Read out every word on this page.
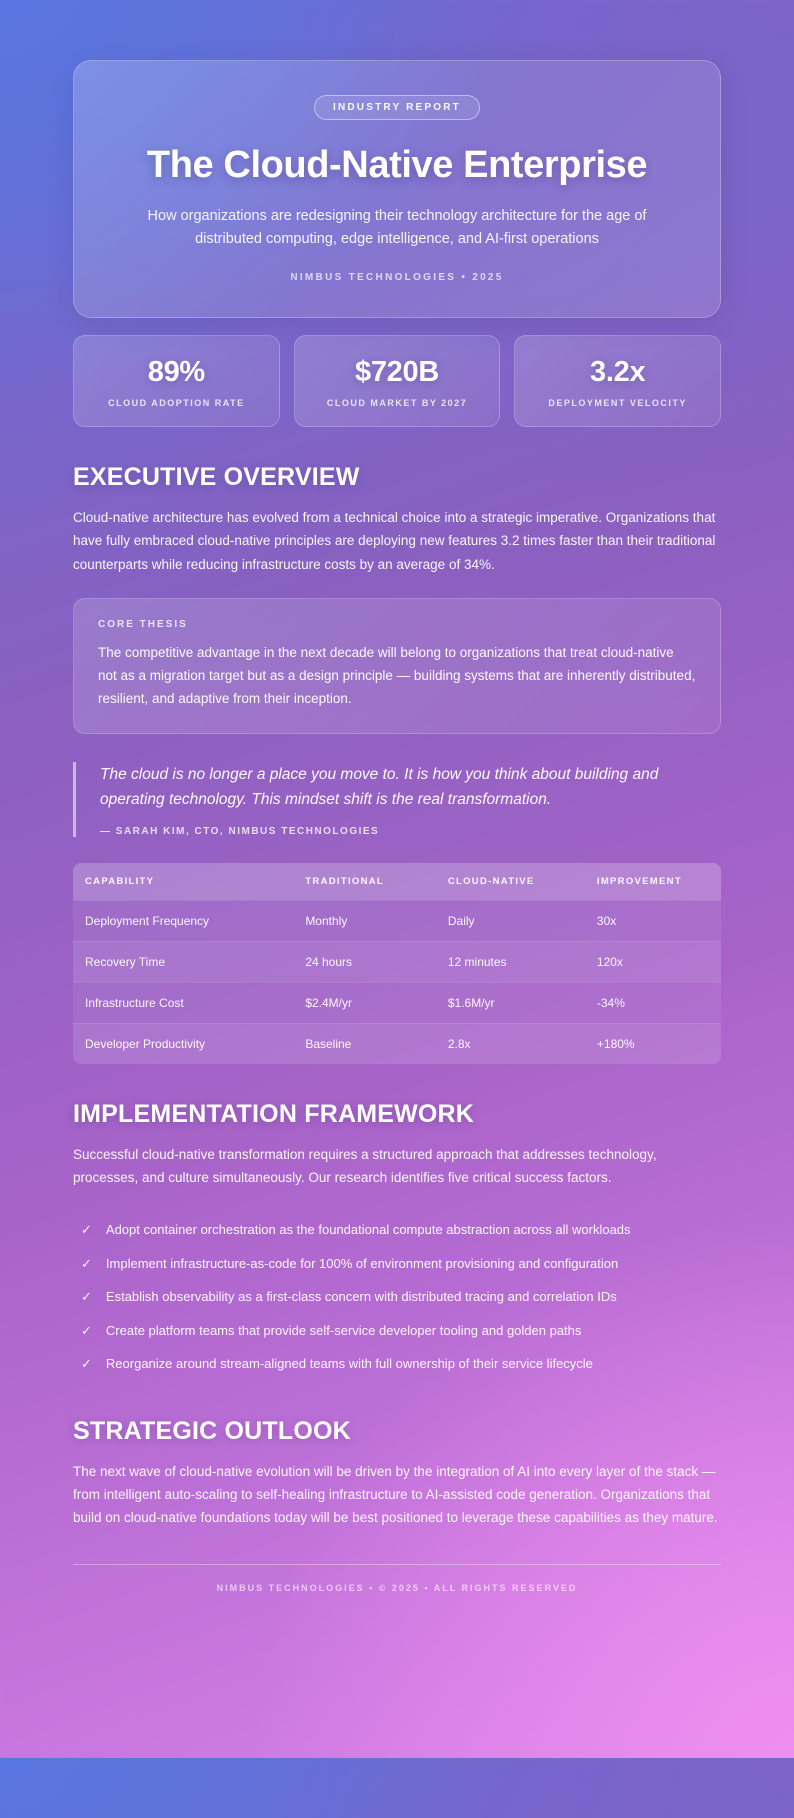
INDUSTRY REPORT
The Cloud-Native Enterprise
How organizations are redesigning their technology architecture for the age of distributed computing, edge intelligence, and AI-first operations
NIMBUS TECHNOLOGIES • 2025
89%
CLOUD ADOPTION RATE
$720B
CLOUD MARKET BY 2027
3.2x
DEPLOYMENT VELOCITY
EXECUTIVE OVERVIEW

Cloud-native architecture has evolved from a technical choice into a strategic imperative. Organizations that have fully embraced cloud-native principles are deploying new features 3.2 times faster than their traditional counterparts while reducing infrastructure costs by an average of 34%.

CORE THESIS

The competitive advantage in the next decade will belong to organizations that treat cloud-native not as a migration target but as a design principle — building systems that are inherently distributed, resilient, and adaptive from their inception.

The cloud is no longer a place you move to. It is how you think about building and operating technology. This mindset shift is the real transformation.
— SARAH KIM, CTO, NIMBUS TECHNOLOGIES
CAPABILITY	TRADITIONAL	CLOUD-NATIVE	IMPROVEMENT
Deployment Frequency	Monthly	Daily	30x
Recovery Time	24 hours	12 minutes	120x
Infrastructure Cost	$2.4M/yr	$1.6M/yr	-34%
Developer Productivity	Baseline	2.8x	+180%
IMPLEMENTATION FRAMEWORK

Successful cloud-native transformation requires a structured approach that addresses technology, processes, and culture simultaneously. Our research identifies five critical success factors.

✓ Adopt container orchestration as the foundational compute abstraction across all workloads
✓ Implement infrastructure-as-code for 100% of environment provisioning and configuration
✓ Establish observability as a first-class concern with distributed tracing and correlation IDs
✓ Create platform teams that provide self-service developer tooling and golden paths
✓ Reorganize around stream-aligned teams with full ownership of their service lifecycle
STRATEGIC OUTLOOK

The next wave of cloud-native evolution will be driven by the integration of AI into every layer of the stack — from intelligent auto-scaling to self-healing infrastructure to AI-assisted code generation. Organizations that build on cloud-native foundations today will be best positioned to leverage these capabilities as they mature.

NIMBUS TECHNOLOGIES • © 2025 • ALL RIGHTS RESERVED
